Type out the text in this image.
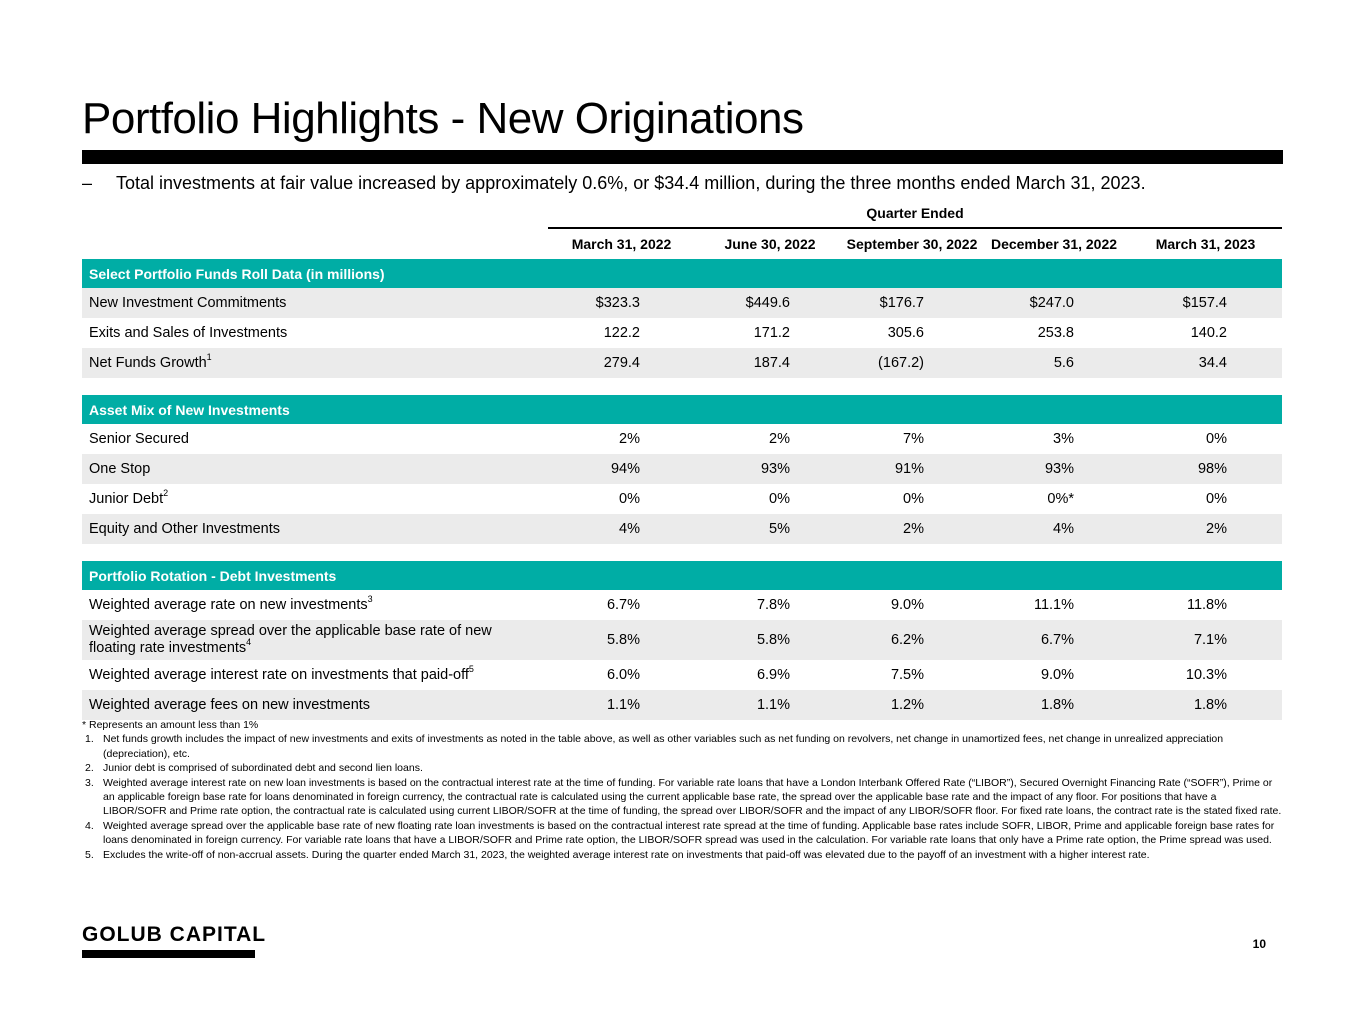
Portfolio Highlights - New Originations
– Total investments at fair value increased by approximately 0.6%, or $34.4 million, during the three months ended March 31, 2023.
Quarter Ended
	March 31, 2022	June 30, 2022	September 30, 2022	December 31, 2022	March 31, 2023
Select Portfolio Funds Roll Data (in millions)					
New Investment Commitments	$323.3	$449.6	$176.7	$247.0	$157.4
Exits and Sales of Investments	122.2	171.2	305.6	253.8	140.2
Net Funds Growth$^1$	279.4	187.4	(167.2)	5.6	34.4

Asset Mix of New Investments					
Senior Secured	2%	2%	7%	3%	0%
One Stop	94%	93%	91%	93%	98%
Junior Debt$^2$	0%	0%	0%	0%*	0%
Equity and Other Investments	4%	5%	2%	4%	2%

Portfolio Rotation - Debt Investments					
Weighted average rate on new investments$^3$	6.7%	7.8%	9.0%	11.1%	11.8%
Weighted average spread over the applicable base rate of new floating rate investments$^4$	5.8%	5.8%	6.2%	6.7%	7.1%
Weighted average interest rate on investments that paid-off$^5$	6.0%	6.9%	7.5%	9.0%	10.3%
Weighted average fees on new investments	1.1%	1.1%	1.2%	1.8%	1.8%

* Represents an amount less than 1%

1. Net funds growth includes the impact of new investments and exits of investments as noted in the table above, as well as other variables such as net funding on revolvers, net change in unamortized fees, net change in unrealized appreciation (depreciation), etc.
2. Junior debt is comprised of subordinated debt and second lien loans.
3. Weighted average interest rate on new loan investments is based on the contractual interest rate at the time of funding. For variable rate loans that have a London Interbank Offered Rate (“LIBOR”), Secured Overnight Financing Rate (“SOFR”), Prime or an applicable foreign base rate for loans denominated in foreign currency, the contractual rate is calculated using the current applicable base rate, the spread over the applicable base rate and the impact of any floor. For positions that have a LIBOR/SOFR and Prime rate option, the contractual rate is calculated using current LIBOR/SOFR at the time of funding, the spread over LIBOR/SOFR and the impact of any LIBOR/SOFR floor. For fixed rate loans, the contract rate is the stated fixed rate.
4. Weighted average spread over the applicable base rate of new floating rate loan investments is based on the contractual interest rate spread at the time of funding. Applicable base rates include SOFR, LIBOR, Prime and applicable foreign base rates for loans denominated in foreign currency. For variable rate loans that have a LIBOR/SOFR and Prime rate option, the LIBOR/SOFR spread was used in the calculation. For variable rate loans that only have a Prime rate option, the Prime spread was used.
5. Excludes the write-off of non-accrual assets. During the quarter ended March 31, 2023, the weighted average interest rate on investments that paid-off was elevated due to the payoff of an investment with a higher interest rate.
GOLUB CAPITAL	10
